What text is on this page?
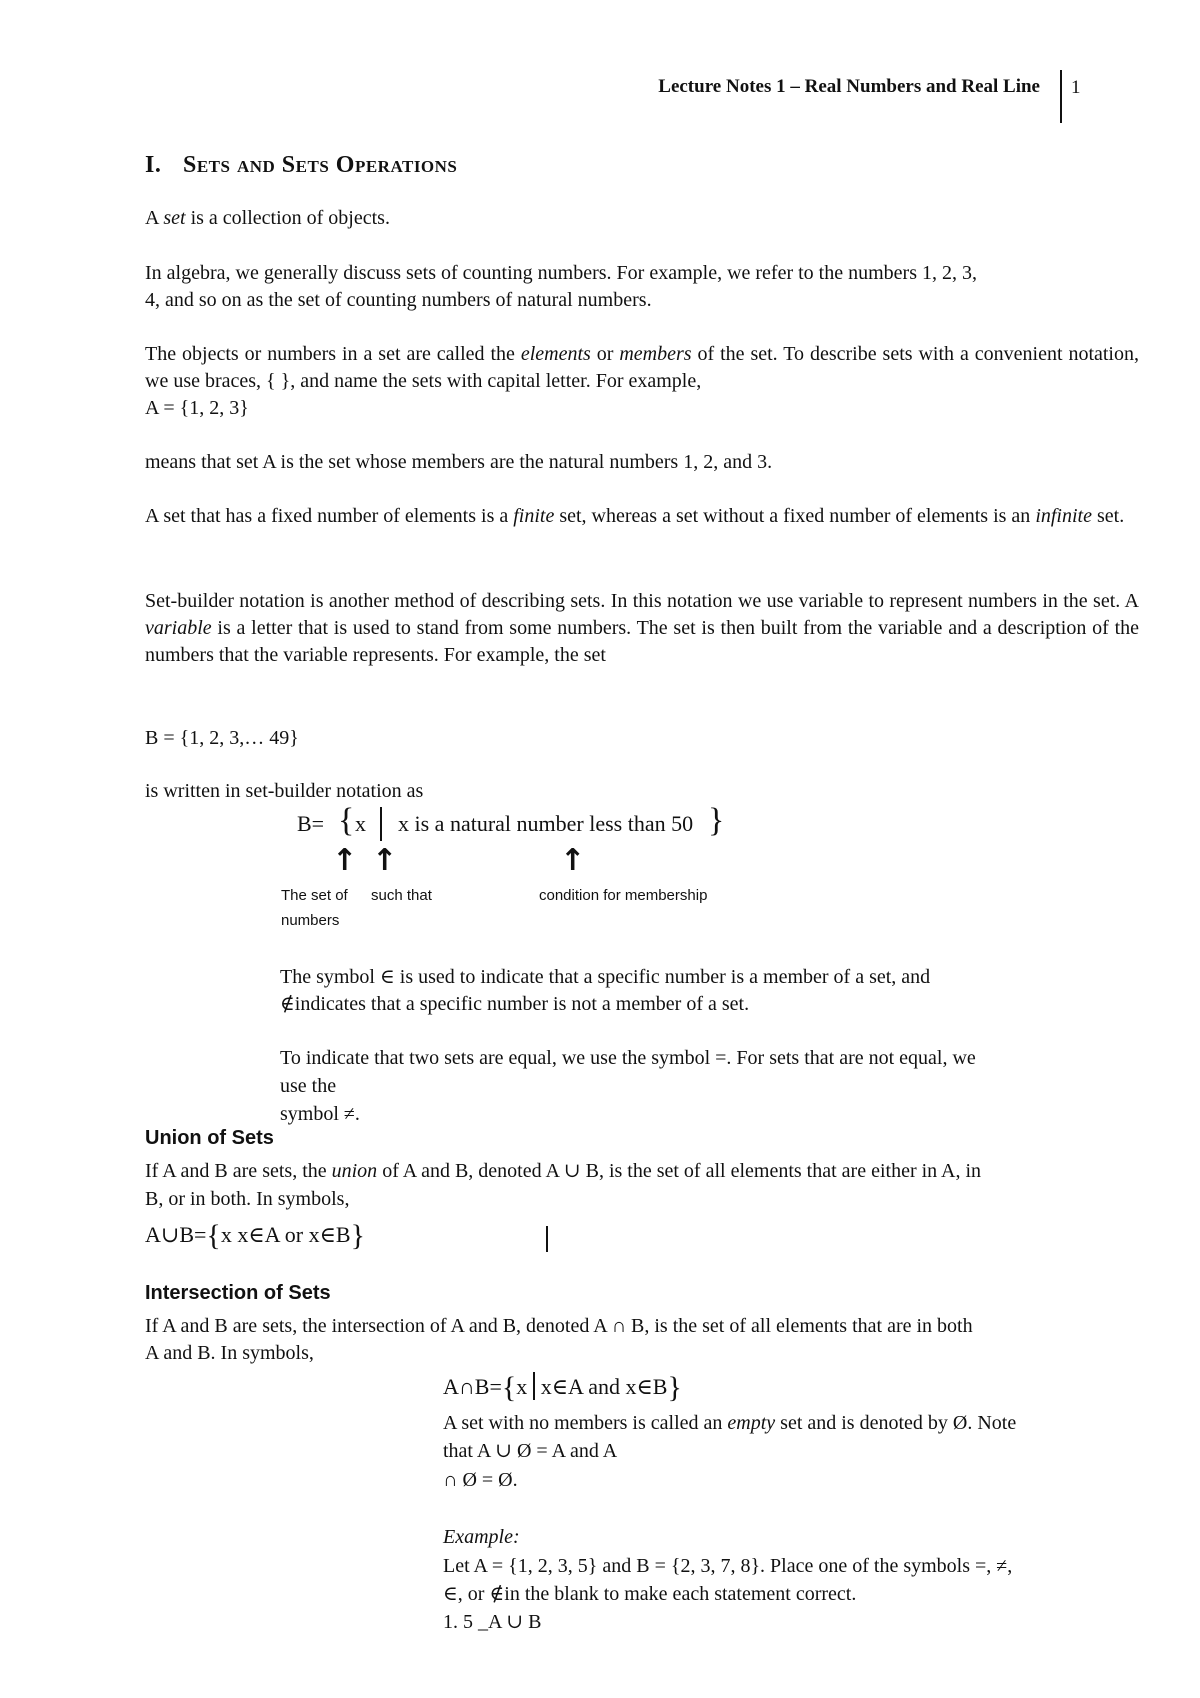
Lecture Notes 1 – Real Numbers and Real Line 1
I. Sets and Sets Operations
A set is a collection of objects.
In algebra, we generally discuss sets of counting numbers. For example, we refer to the numbers 1, 2, 3,
4, and so on as the set of counting numbers of natural numbers.
The objects or numbers in a set are called the elements or members of the set. To describe sets with a convenient notation, we use braces, { }, and name the sets with capital letter. For example,
A = {1, 2, 3}
means that set A is the set whose members are the natural numbers 1, 2, and 3.
A set that has a fixed number of elements is a finite set, whereas a set without a fixed number of elements is an infinite set.
Set-builder notation is another method of describing sets. In this notation we use variable to represent numbers in the set. A variable is a letter that is used to stand from some numbers. The set is then built from the variable and a description of the numbers that the variable represents. For example, the set
B = {1, 2, 3,… 49}
is written in set-builder notation as
B= { x x is a natural number less than 50 }
↑ ↑	↑
The set of
numbers
such that	condition for membership
The symbol ∈ is used to indicate that a specific number is a member of a set, and
∉indicates that a specific number is not a member of a set.
To indicate that two sets are equal, we use the symbol =. For sets that are not equal, we
use the
symbol ≠.
Union of Sets
If A and B are sets, the union of A and B, denoted A ∪ B, is the set of all elements that are either in A, in
B, or in both. In symbols,
A∪B={x x∈A or x∈B}
Intersection of Sets
If A and B are sets, the intersection of A and B, denoted A ∩ B, is the set of all elements that are in both
A and B. In symbols,
A∩B={x x∈A and x∈B}
A set with no members is called an empty set and is denoted by Ø. Note
that A ∪ Ø = A and A
∩ Ø = Ø.
Example:
Let A = {1, 2, 3, 5} and B = {2, 3, 7, 8}. Place one of the symbols =, ≠,
∈, or ∉in the blank to make each statement correct.
1. 5 _A ∪ B
